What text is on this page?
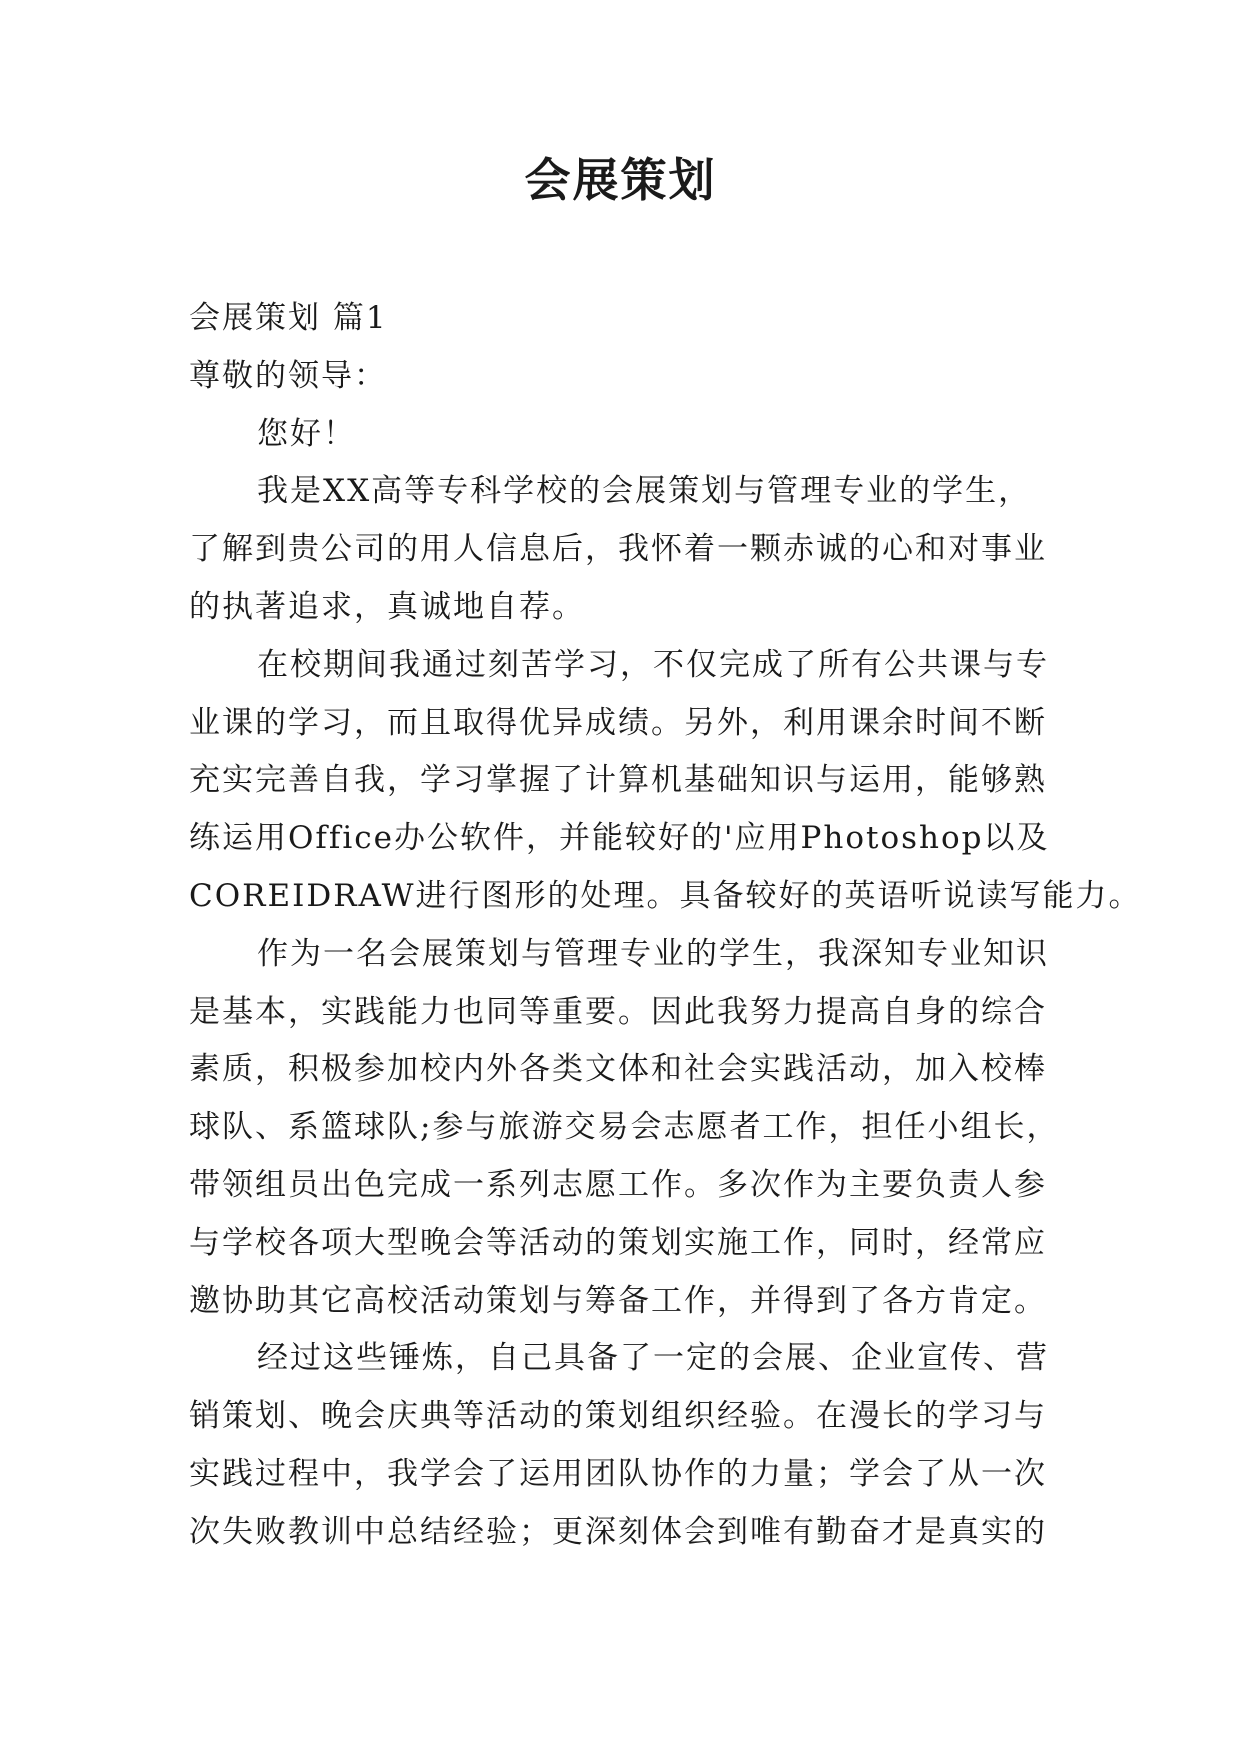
会展策划
会展策划 篇1
尊敬的领导：
您好！
我是XX高等专科学校的会展策划与管理专业的学生，
了解到贵公司的用人信息后，我怀着一颗赤诚的心和对事业
的执著追求，真诚地自荐。
在校期间我通过刻苦学习，不仅完成了所有公共课与专
业课的学习，而且取得优异成绩。另外，利用课余时间不断
充实完善自我，学习掌握了计算机基础知识与运用，能够熟
练运用Office办公软件，并能较好的'应用Photoshop以及
COREIDRAW进行图形的处理。具备较好的英语听说读写能力。
作为一名会展策划与管理专业的学生，我深知专业知识
是基本，实践能力也同等重要。因此我努力提高自身的综合
素质，积极参加校内外各类文体和社会实践活动，加入校棒
球队、系篮球队;参与旅游交易会志愿者工作，担任小组长，
带领组员出色完成一系列志愿工作。多次作为主要负责人参
与学校各项大型晚会等活动的策划实施工作，同时，经常应
邀协助其它高校活动策划与筹备工作，并得到了各方肯定。
经过这些锤炼，自己具备了一定的会展、企业宣传、营
销策划、晚会庆典等活动的策划组织经验。在漫长的学习与
实践过程中，我学会了运用团队协作的力量；学会了从一次
次失败教训中总结经验；更深刻体会到唯有勤奋才是真实的
